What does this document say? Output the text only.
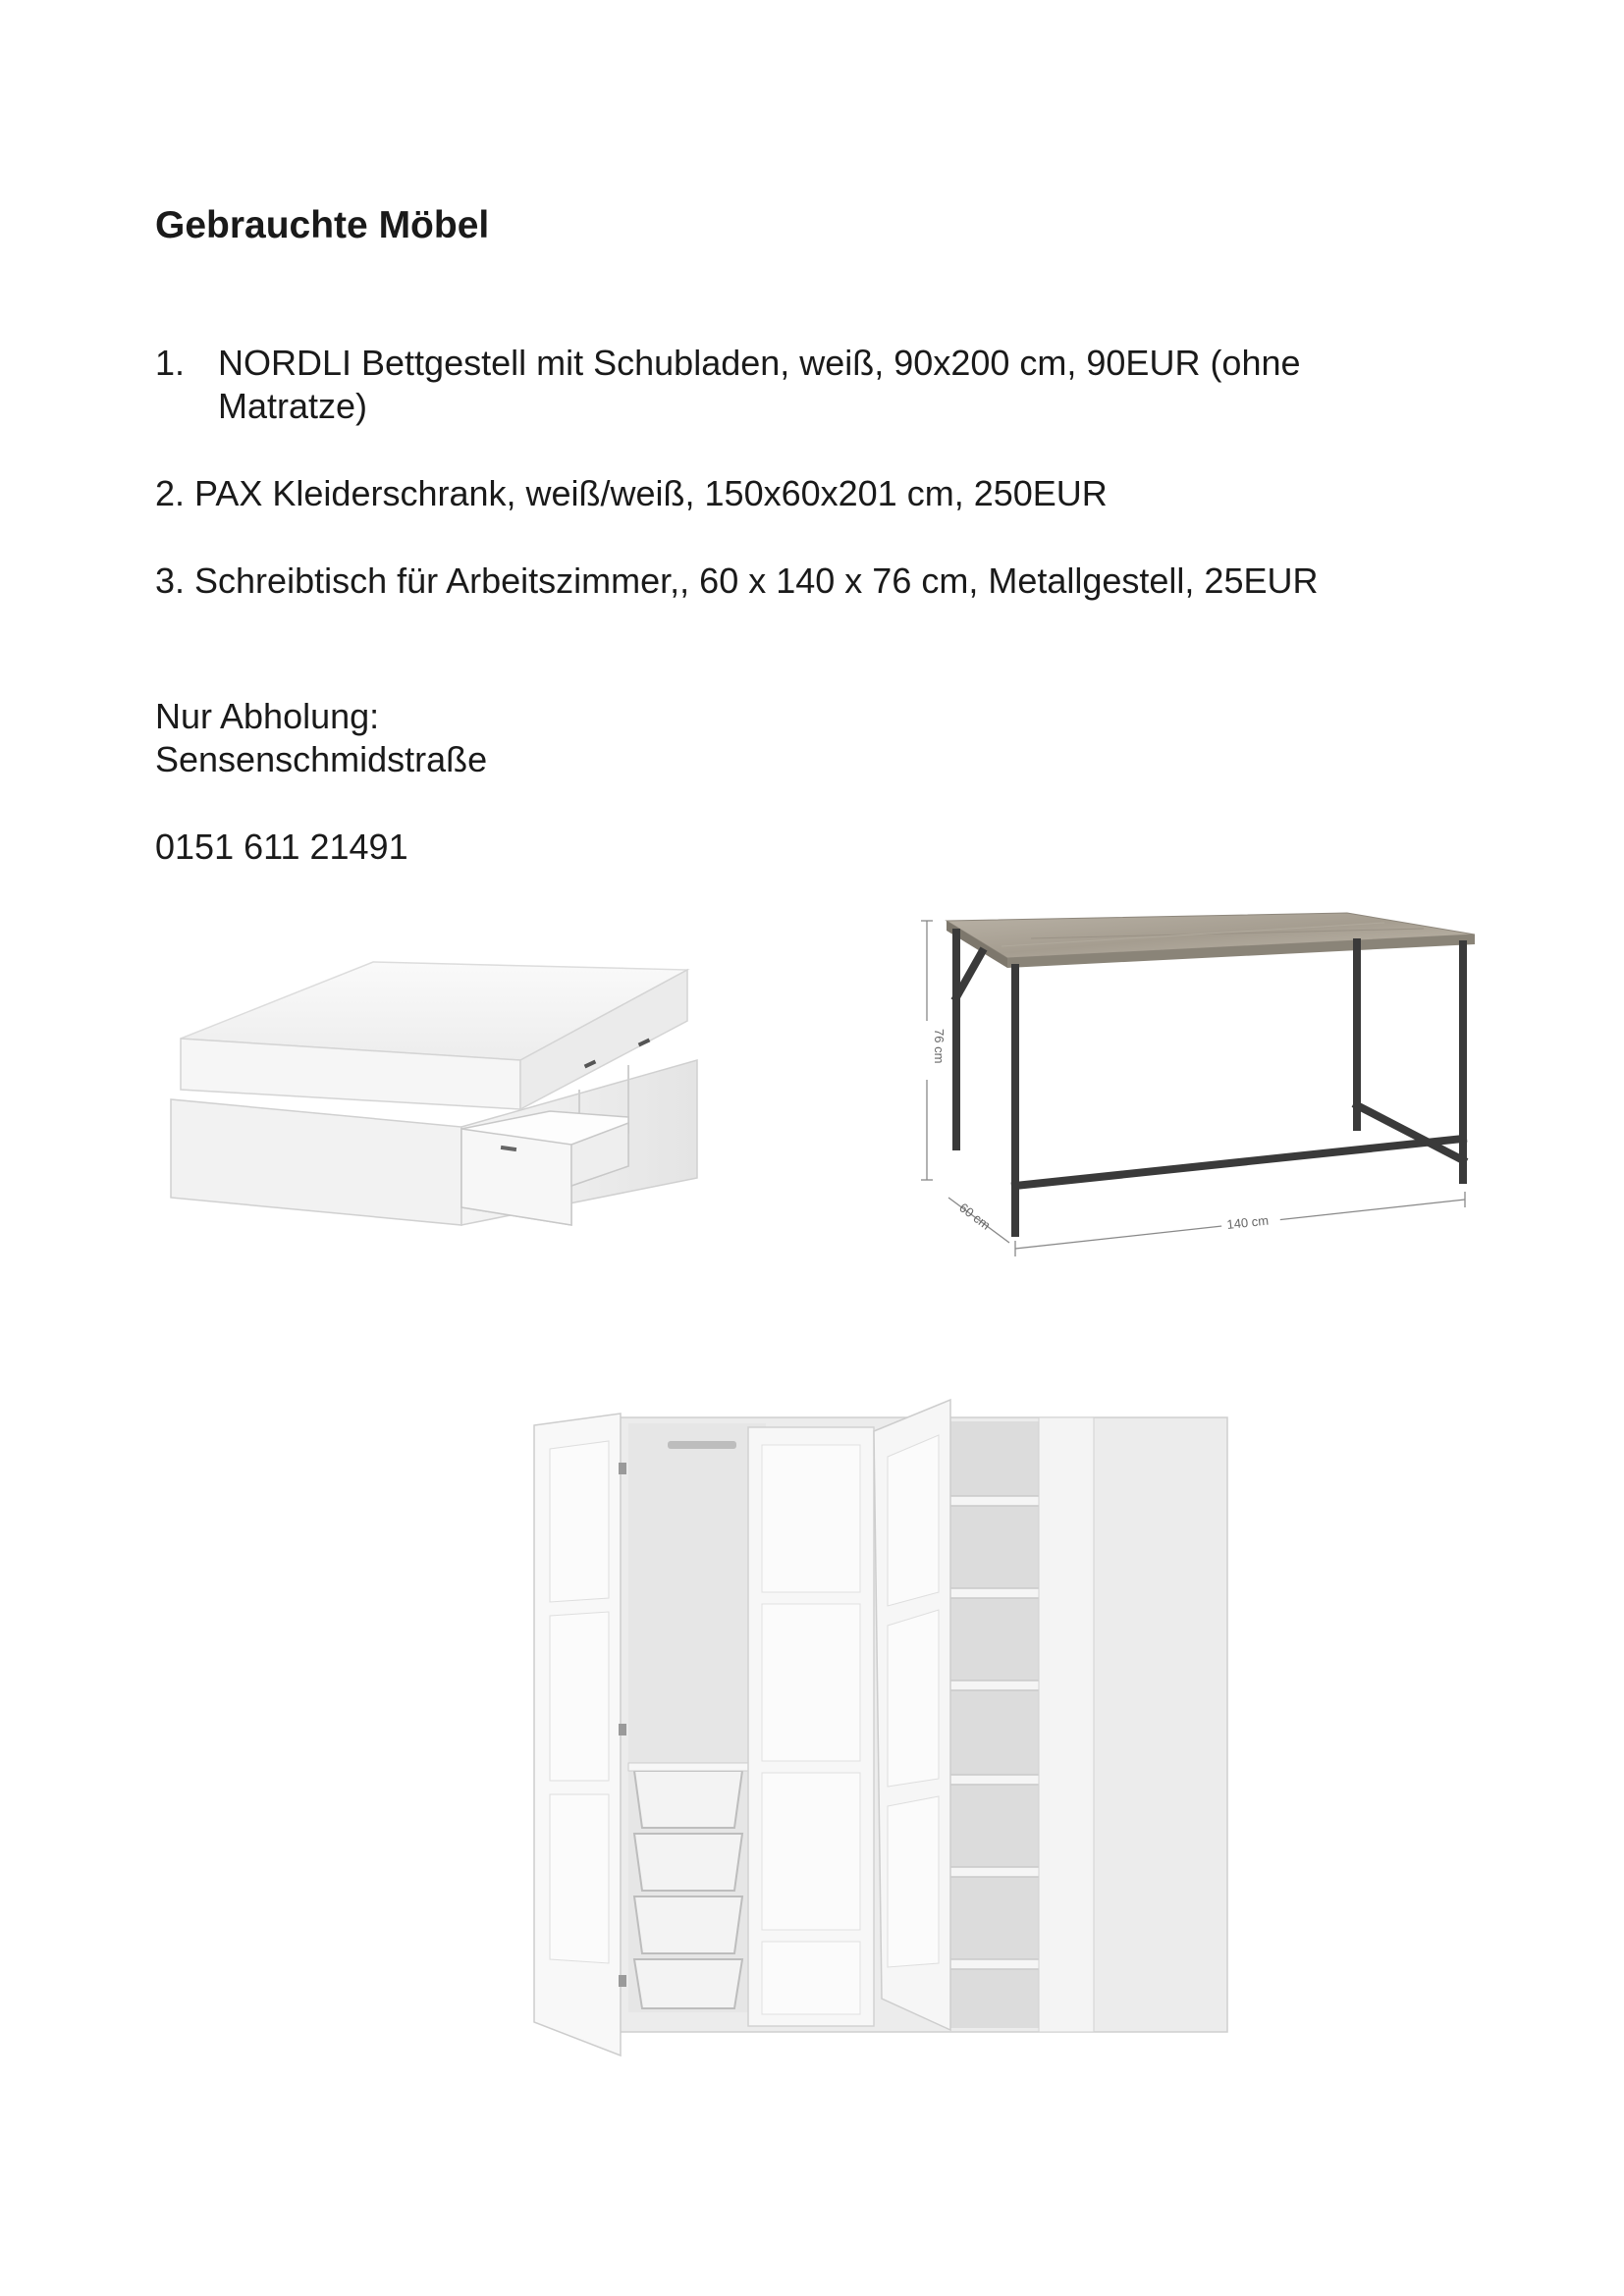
Gebrauchte Möbel

1. NORDLI Bettgestell mit Schubladen, weiß, 90x200 cm, 90EUR (ohne

Matratze)

2. PAX Kleiderschrank, weiß/weiß, 150x60x201 cm, 250EUR

3. Schreibtisch für Arbeitszimmer,, 60 x 140 x 76 cm, Metallgestell, 25EUR

Nur Abholung:

Sensenschmidstraße

0151 611 21491

76 cm
60 cm	140 cm
